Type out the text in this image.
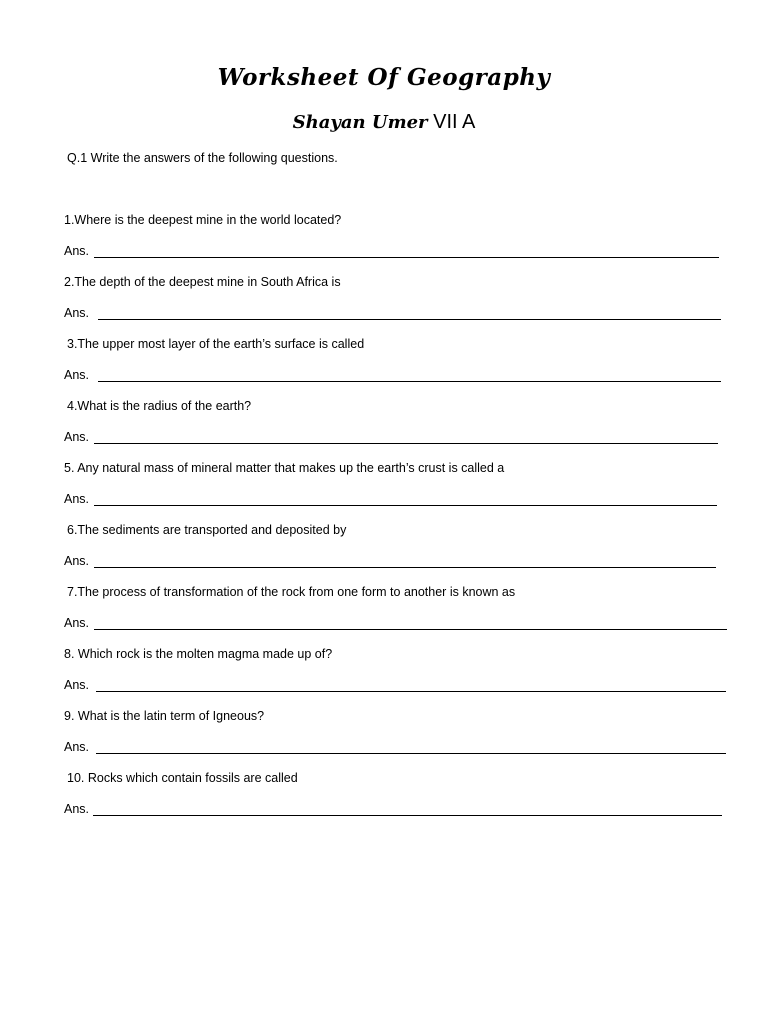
Worksheet Of Geography
Shayan Umer VII A
Q.1 Write the answers of the following questions.
1.Where is the deepest mine in the world located?
Ans.
2.The depth of the deepest mine in South Africa is
Ans.
3.The upper most layer of the earth’s surface is called
Ans.
4.What is the radius of the earth?
Ans.
5. Any natural mass of mineral matter that makes up the earth’s crust is called a
Ans.
6.The sediments are transported and deposited by
Ans.
7.The process of transformation of the rock from one form to another is known as
Ans.
8. Which rock is the molten magma made up of?
Ans.
9. What is the latin term of Igneous?
Ans.
10. Rocks which contain fossils are called
Ans.
